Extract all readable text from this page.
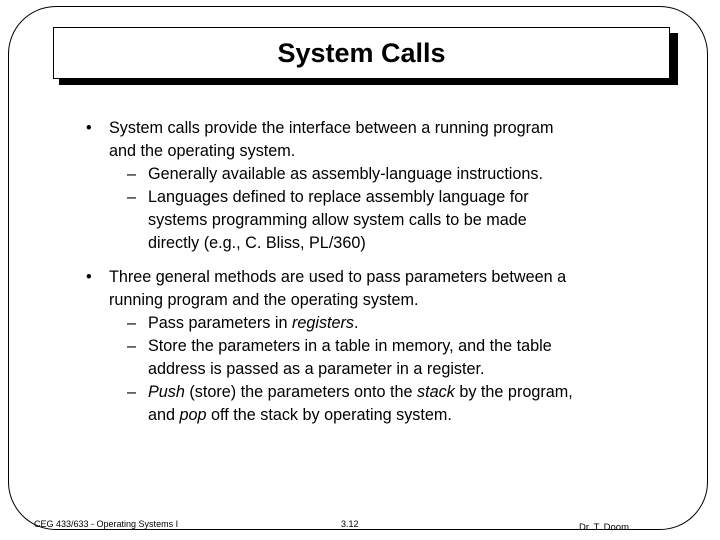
System Calls
• System calls provide the interface between a running program
and the operating system.
– Generally available as assembly-language instructions.
– Languages defined to replace assembly language for
systems programming allow system calls to be made
directly (e.g., C. Bliss, PL/360)
• Three general methods are used to pass parameters between a
running program and the operating system.
– Pass parameters in registers.
– Store the parameters in a table in memory, and the table
address is passed as a parameter in a register.
– Push (store) the parameters onto the stack by the program,
and pop off the stack by operating system.
CEG 433/633 - Operating Systems I	3.12	Dr. T. Doom
